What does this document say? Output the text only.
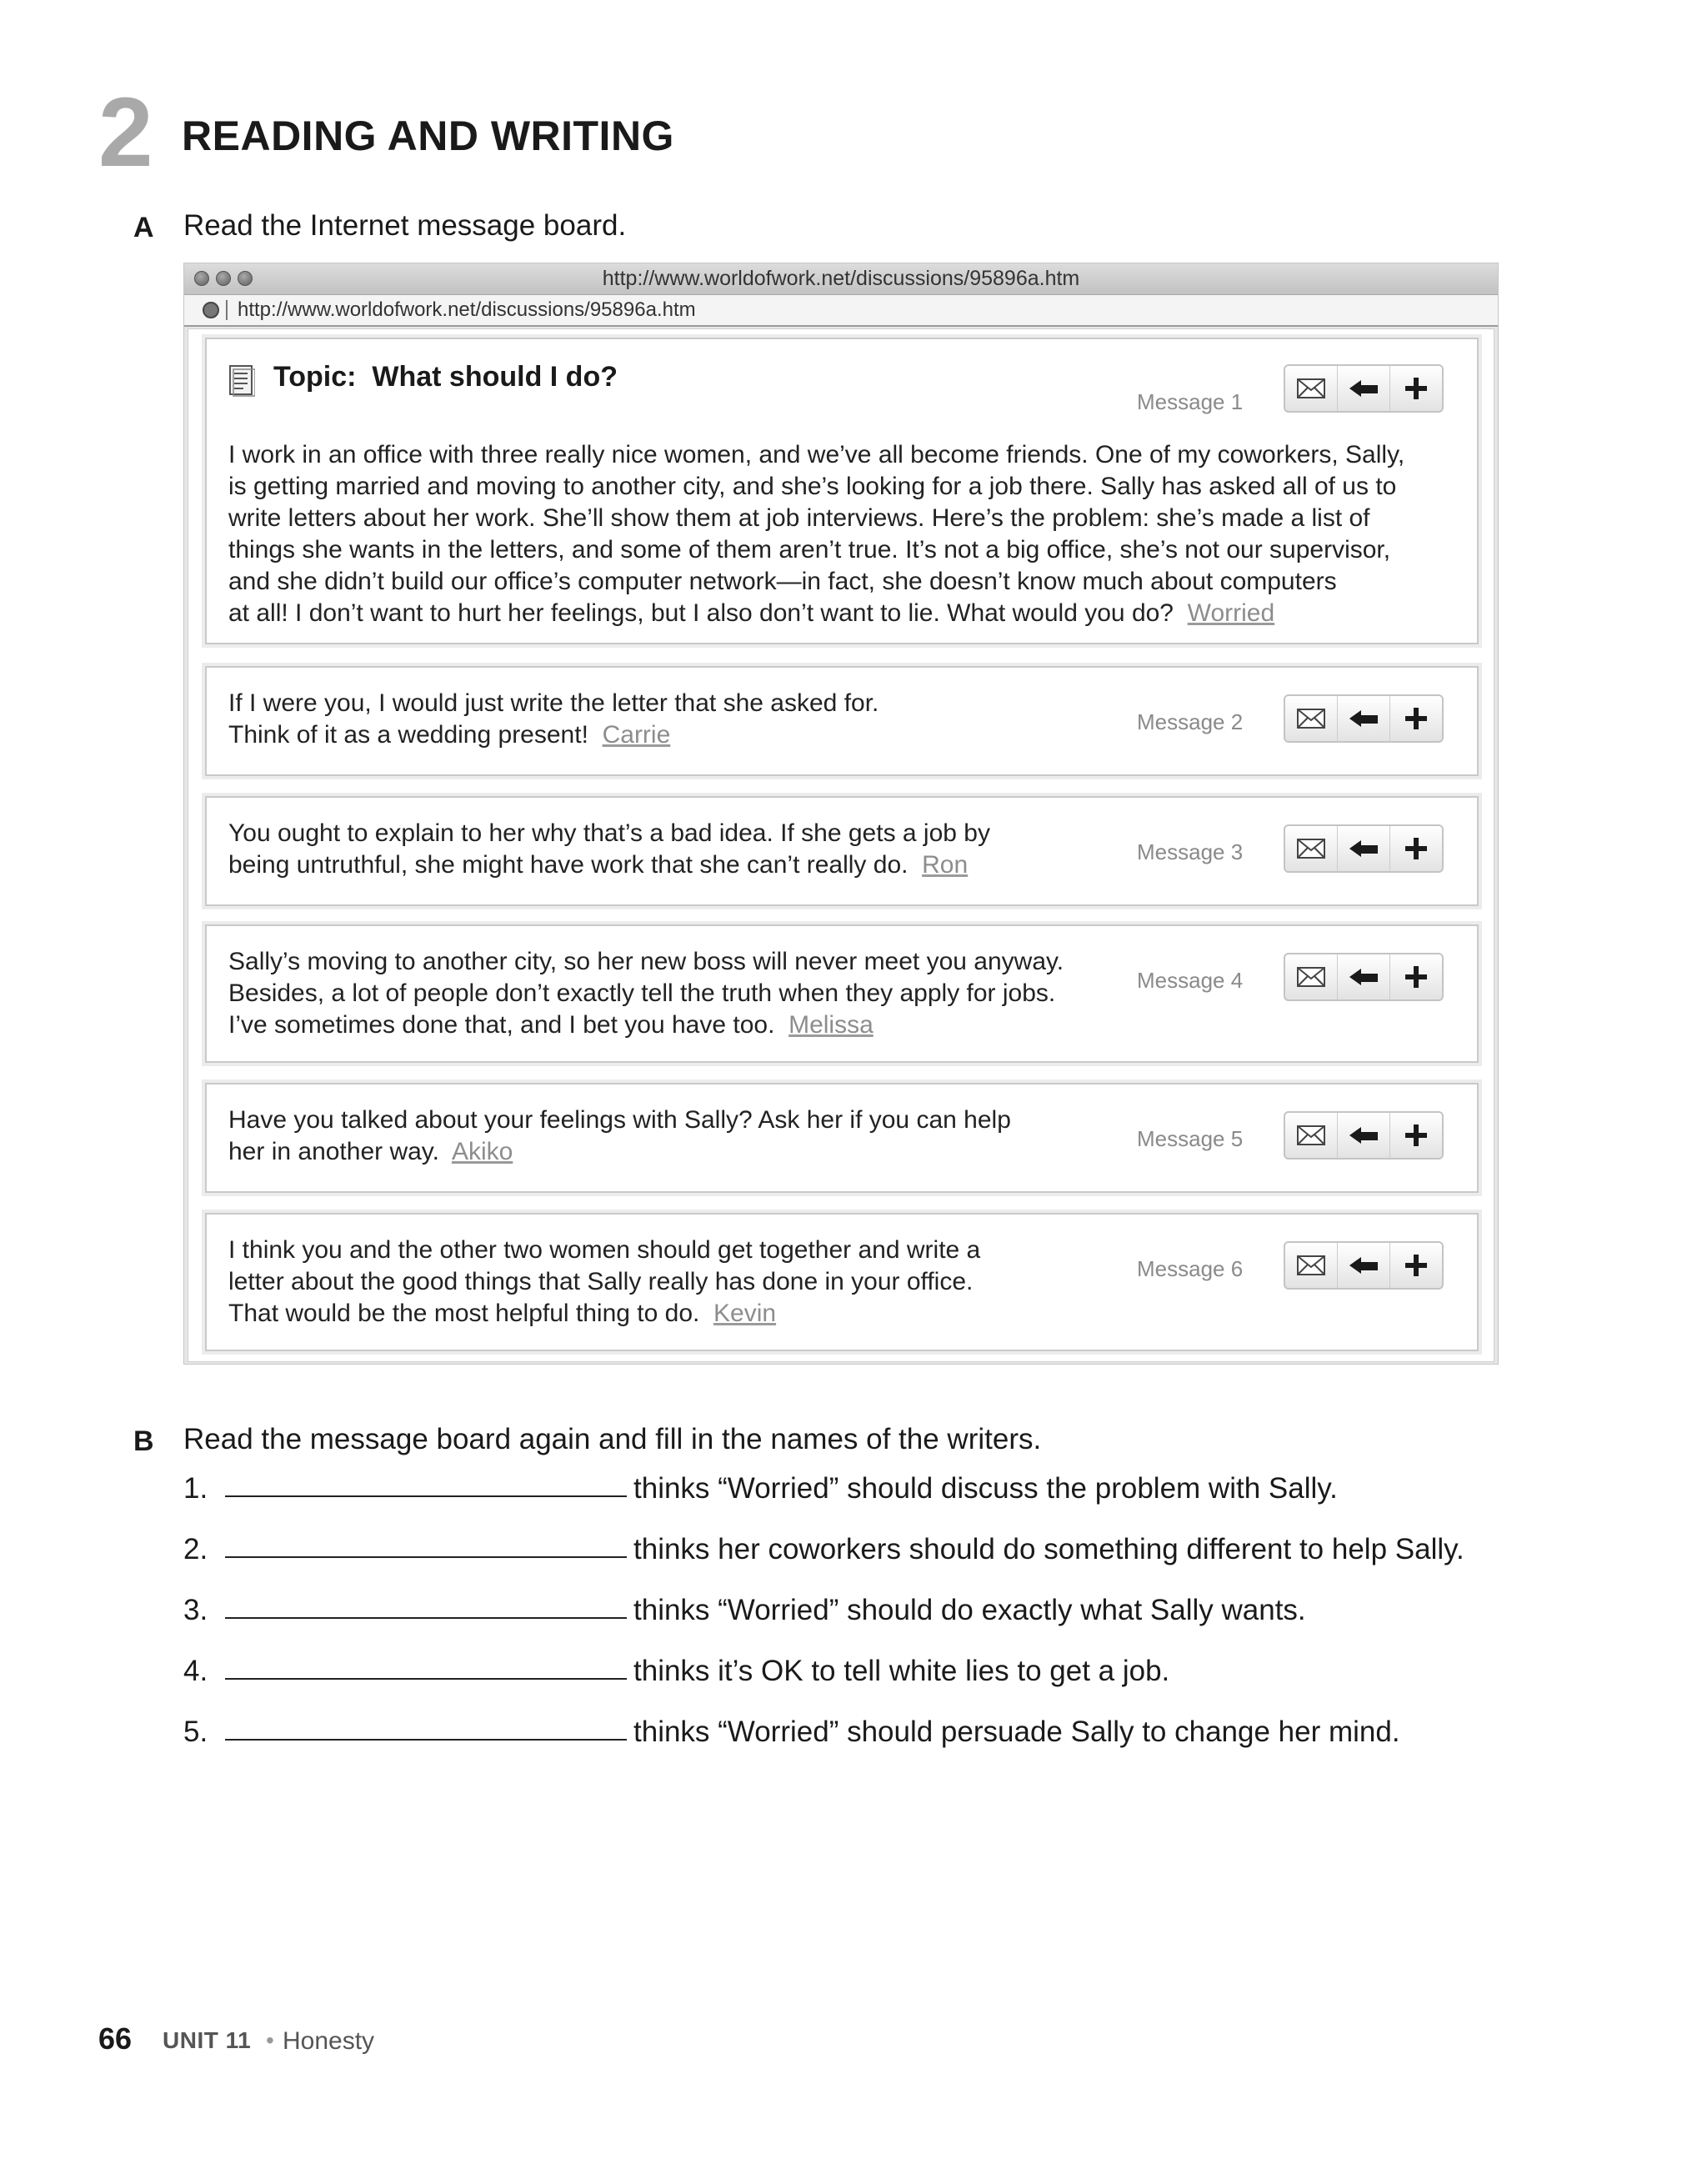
2 READING AND WRITING
A Read the Internet message board.
http://www.worldofwork.net/discussions/95896a.htm
http://www.worldofwork.net/discussions/95896a.htm
Topic: What should I do?
Message 1

I work in an office with three really nice women, and we’ve all become friends. One of my coworkers, Sally,

is getting married and moving to another city, and she’s looking for a job there. Sally has asked all of us to

write letters about her work. She’ll show them at job interviews. Here’s the problem: she’s made a list of

things she wants in the letters, and some of them aren’t true. It’s not a big office, she’s not our supervisor,

and she didn’t build our office’s computer network—in fact, she doesn’t know much about computers

at all! I don’t want to hurt her feelings, but I also don’t want to lie. What would you do? Worried

Message 2

If I were you, I would just write the letter that she asked for.

Think of it as a wedding present! Carrie

Message 3

You ought to explain to her why that’s a bad idea. If she gets a job by

being untruthful, she might have work that she can’t really do. Ron

Message 4

Sally’s moving to another city, so her new boss will never meet you anyway.

Besides, a lot of people don’t exactly tell the truth when they apply for jobs.

I’ve sometimes done that, and I bet you have too. Melissa

Message 5

Have you talked about your feelings with Sally? Ask her if you can help

her in another way. Akiko

Message 6

I think you and the other two women should get together and write a

letter about the good things that Sally really has done in your office.

That would be the most helpful thing to do. Kevin

B Read the message board again and fill in the names of the writers.
1.	thinks “Worried” should discuss the problem with Sally.
2.	thinks her coworkers should do something different to help Sally.
3.	thinks “Worried” should do exactly what Sally wants.
4.	thinks it’s OK to tell white lies to get a job.
5.	thinks “Worried” should persuade Sally to change her mind.
66 UNIT 11 • Honesty
